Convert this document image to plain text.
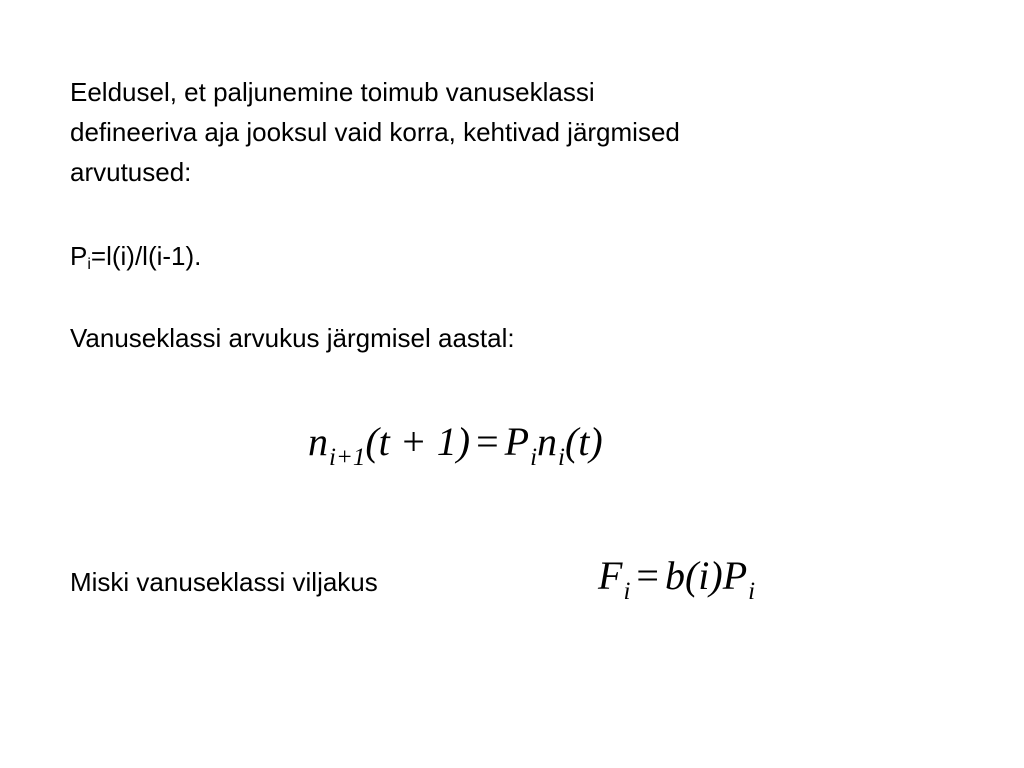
Eeldusel, et paljunemine toimub vanuseklassi
defineeriva aja jooksul vaid korra, kehtivad järgmised
arvutused:
$P_i=l(i)/l(i-1)$.
Vanuseklassi arvukus järgmisel aastal:
$n_{i+1}(t + 1) = P_in_i(t)$
Miski vanuseklassi viljakus	$F_i = b(i)P_i$
